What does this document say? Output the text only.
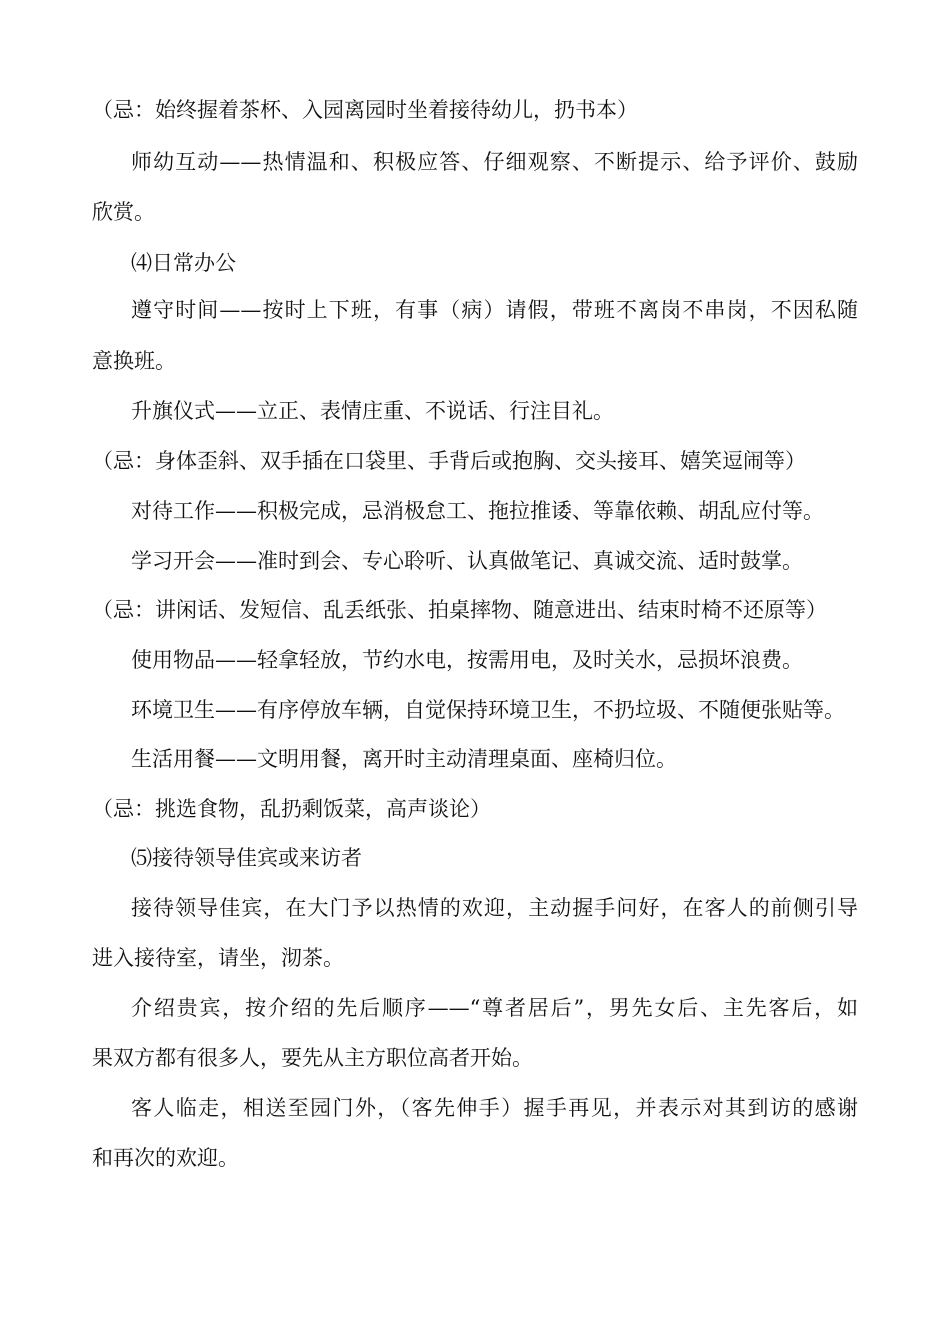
（忌：始终握着茶杯、入园离园时坐着接待幼儿，扔书本）
师幼互动——热情温和、积极应答、仔细观察、不断提示、给予评价、鼓励
欣赏。
⑷日常办公
遵守时间——按时上下班，有事（病）请假，带班不离岗不串岗，不因私随
意换班。
升旗仪式——立正、表情庄重、不说话、行注目礼。
（忌：身体歪斜、双手插在口袋里、手背后或抱胸、交头接耳、嬉笑逗闹等）
对待工作——积极完成，忌消极怠工、拖拉推诿、等靠依赖、胡乱应付等。
学习开会——准时到会、专心聆听、认真做笔记、真诚交流、适时鼓掌。
（忌：讲闲话、发短信、乱丢纸张、拍桌摔物、随意进出、结束时椅不还原等）
使用物品——轻拿轻放，节约水电，按需用电，及时关水，忌损坏浪费。
环境卫生——有序停放车辆，自觉保持环境卫生，不扔垃圾、不随便张贴等。
生活用餐——文明用餐，离开时主动清理桌面、座椅归位。
（忌：挑选食物，乱扔剩饭菜，高声谈论）
⑸接待领导佳宾或来访者
接待领导佳宾，在大门予以热情的欢迎，主动握手问好，在客人的前侧引导
进入接待室，请坐，沏茶。
介绍贵宾，按介绍的先后顺序——“尊者居后”，男先女后、主先客后，如
果双方都有很多人，要先从主方职位高者开始。
客人临走，相送至园门外，（客先伸手）握手再见，并表示对其到访的感谢
和再次的欢迎。
